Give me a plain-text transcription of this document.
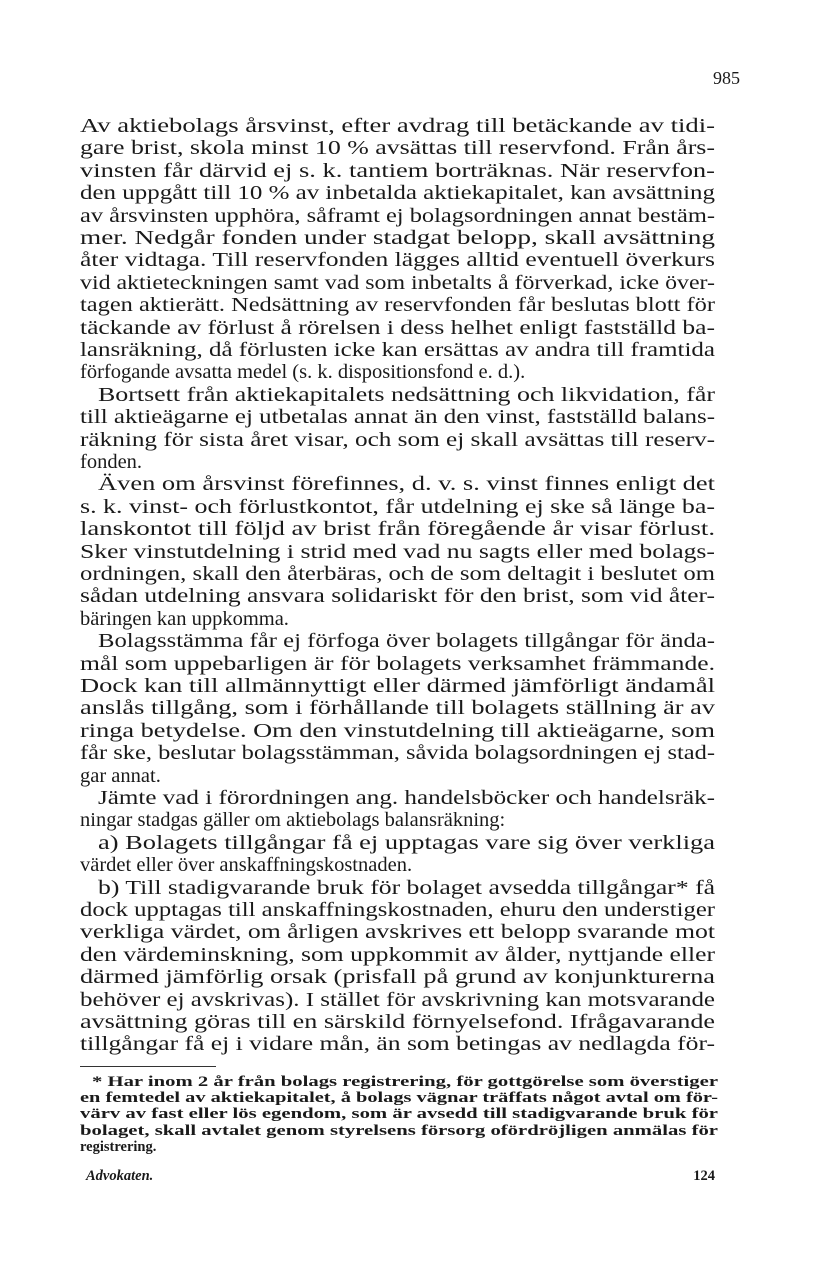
985
Av aktiebolags årsvinst, efter avdrag till betäckande av tidi-
gare brist, skola minst 10 % avsättas till reservfond. Från års-
vinsten får därvid ej s. k. tantiem borträknas. När reservfon-
den uppgått till 10 % av inbetalda aktiekapitalet, kan avsättning
av årsvinsten upphöra, såframt ej bolagsordningen annat bestäm-
mer. Nedgår fonden under stadgat belopp, skall avsättning
åter vidtaga. Till reservfonden lägges alltid eventuell överkurs
vid aktieteckningen samt vad som inbetalts å förverkad, icke över-
tagen aktierätt. Nedsättning av reservfonden får beslutas blott för
täckande av förlust å rörelsen i dess helhet enligt fastställd ba-
lansräkning, då förlusten icke kan ersättas av andra till framtida
förfogande avsatta medel (s. k. dispositionsfond e. d.).
Bortsett från aktiekapitalets nedsättning och likvidation, får
till aktieägarne ej utbetalas annat än den vinst, fastställd balans-
räkning för sista året visar, och som ej skall avsättas till reserv-
fonden.
Även om årsvinst förefinnes, d. v. s. vinst finnes enligt det
s. k. vinst- och förlustkontot, får utdelning ej ske så länge ba-
lanskontot till följd av brist från föregående år visar förlust.
Sker vinstutdelning i strid med vad nu sagts eller med bolags-
ordningen, skall den återbäras, och de som deltagit i beslutet om
sådan utdelning ansvara solidariskt för den brist, som vid åter-
bäringen kan uppkomma.
Bolagsstämma får ej förfoga över bolagets tillgångar för ända-
mål som uppebarligen är för bolagets verksamhet främmande.
Dock kan till allmännyttigt eller därmed jämförligt ändamål
anslås tillgång, som i förhållande till bolagets ställning är av
ringa betydelse. Om den vinstutdelning till aktieägarne, som
får ske, beslutar bolagsstämman, såvida bolagsordningen ej stad-
gar annat.
Jämte vad i förordningen ang. handelsböcker och handelsräk-
ningar stadgas gäller om aktiebolags balansräkning:
a) Bolagets tillgångar få ej upptagas vare sig över verkliga
värdet eller över anskaffningskostnaden.
b) Till stadigvarande bruk för bolaget avsedda tillgångar* få
dock upptagas till anskaffningskostnaden, ehuru den understiger
verkliga värdet, om årligen avskrives ett belopp svarande mot
den värdeminskning, som uppkommit av ålder, nyttjande eller
därmed jämförlig orsak (prisfall på grund av konjunkturerna
behöver ej avskrivas). I stället för avskrivning kan motsvarande
avsättning göras till en särskild förnyelsefond. Ifrågavarande
tillgångar få ej i vidare mån, än som betingas av nedlagda för-
* Har inom 2 år från bolags registrering, för gottgörelse som överstiger
en femtedel av aktiekapitalet, å bolags vägnar träffats något avtal om för-
värv av fast eller lös egendom, som är avsedd till stadigvarande bruk för
bolaget, skall avtalet genom styrelsens försorg ofördröjligen anmälas för
registrering.
Advokaten.	124
